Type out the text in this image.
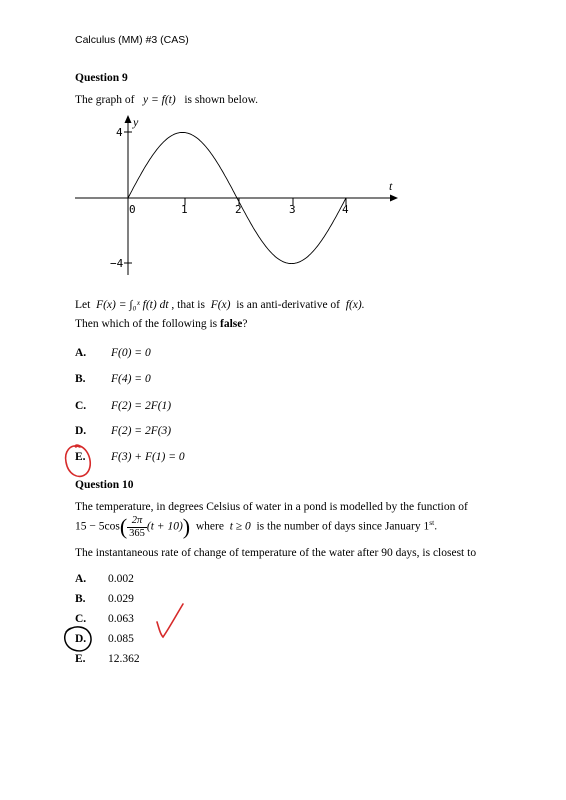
Calculus (MM) #3 (CAS)
Question 9
The graph of y = f(t) is shown below.
y
t
0	1	2	3	4
4
−4
Let F(x) = ∫₀ˣ f(t) dt , that is F(x) is an anti-derivative of f(x).
Then which of the following is false?
A. F(0) = 0
B. F(4) = 0
C. F(2) = 2F(1)
D. F(2) = 2F(3)
E. F(3) + F(1) = 0
Question 10
The temperature, in degrees Celsius of water in a pond is modelled by the function of
$15 - 5\cos( \frac{2\pi}{365} (t + 10))$ where t ≥ 0 is the number of days since January 1st.
The instantaneous rate of change of temperature of the water after 90 days, is closest to
A. 0.002
B. 0.029
C. 0.063
D. 0.085
E. 12.362
